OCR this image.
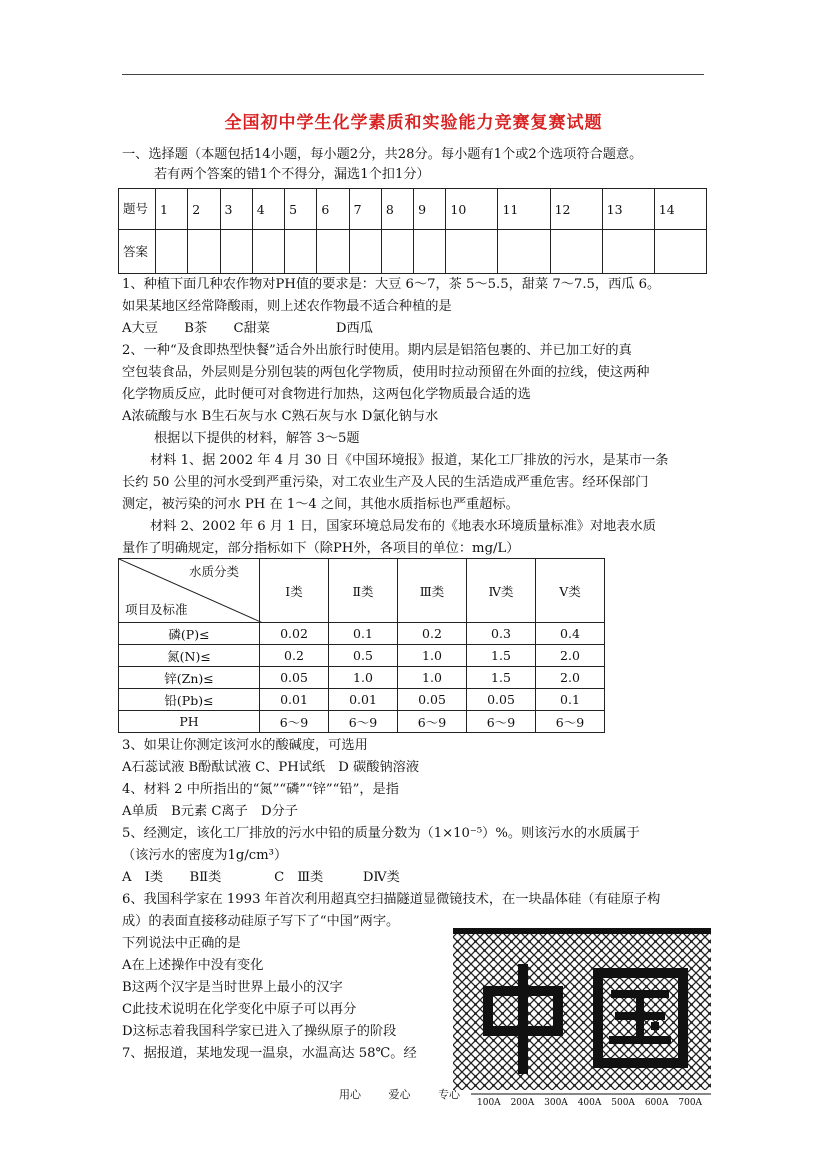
全国初中学生化学素质和实验能力竞赛复赛试题
一、选择题（本题包括14小题，每小题2分，共28分。每小题有1个或2个选项符合题意。
若有两个答案的错1个不得分，漏选1个扣1分）
题号	1	2	3	4	5	6	7	8	9	10	11	12	13	14
答案														
1、种植下面几种农作物对PH值的要求是：大豆 6～7，茶 5～5.5，甜菜 7～7.5，西瓜 6。
如果某地区经常降酸雨，则上述农作物最不适合种植的是
A大豆　　B茶　　C甜菜　　　　　D西瓜
2、一种“及食即热型快餐”适合外出旅行时使用。期内层是铝箔包裹的、并已加工好的真
空包装食品，外层则是分别包装的两包化学物质，使用时拉动预留在外面的拉线，使这两种
化学物质反应，此时便可对食物进行加热，这两包化学物质最合适的选
A浓硫酸与水 B生石灰与水 C熟石灰与水 D氯化钠与水
根据以下提供的材料，解答 3～5题
材料 1、据 2002 年 4 月 30 日《中国环境报》报道，某化工厂排放的污水，是某市一条
长约 50 公里的河水受到严重污染，对工农业生产及人民的生活造成严重危害。经环保部门
测定，被污染的河水 PH 在 1～4 之间，其他水质指标也严重超标。
材料 2、2002 年 6 月 1 日，国家环境总局发布的《地表水环境质量标准》对地表水质
量作了明确规定，部分指标如下（除PH外，各项目的单位：mg/L）
水质分类
项目及标准	Ⅰ类	Ⅱ类	Ⅲ类	Ⅳ类	Ⅴ类
磷(P)≤	0.02	0.1	0.2	0.3	0.4
氮(N)≤	0.2	0.5	1.0	1.5	2.0
锌(Zn)≤	0.05	1.0	1.0	1.5	2.0
铅(Pb)≤	0.01	0.01	0.05	0.05	0.1
PH	6～9	6～9	6～9	6～9	6～9
3、如果让你测定该河水的酸碱度，可选用
A石蕊试液 B酚酞试液 C、PH试纸　D 碳酸钠溶液
4、材料 2 中所指出的“氮”“磷”“锌”“铅”，是指
A单质　B元素 C离子　D分子
5、经测定，该化工厂排放的污水中铅的质量分数为（1×10⁻⁵）%。则该污水的水质属于
（该污水的密度为1g/cm³）
A　Ⅰ类　　BⅡ类　　　　C　Ⅲ类　　　DⅣ类
6、我国科学家在 1993 年首次利用超真空扫描隧道显微镜技术，在一块晶体硅（有硅原子构
成）的表面直接移动硅原子写下了“中国”两字。
下列说法中正确的是
A在上述操作中没有变化
B这两个汉字是当时世界上最小的汉字
C此技术说明在化学变化中原子可以再分
D这标志着我国科学家已进入了操纵原子的阶段
7、据报道，某地发现一温泉，水温高达 58℃。经
100A 200A 300A 400A 500A 600A 700A
用心	爱心	专心
